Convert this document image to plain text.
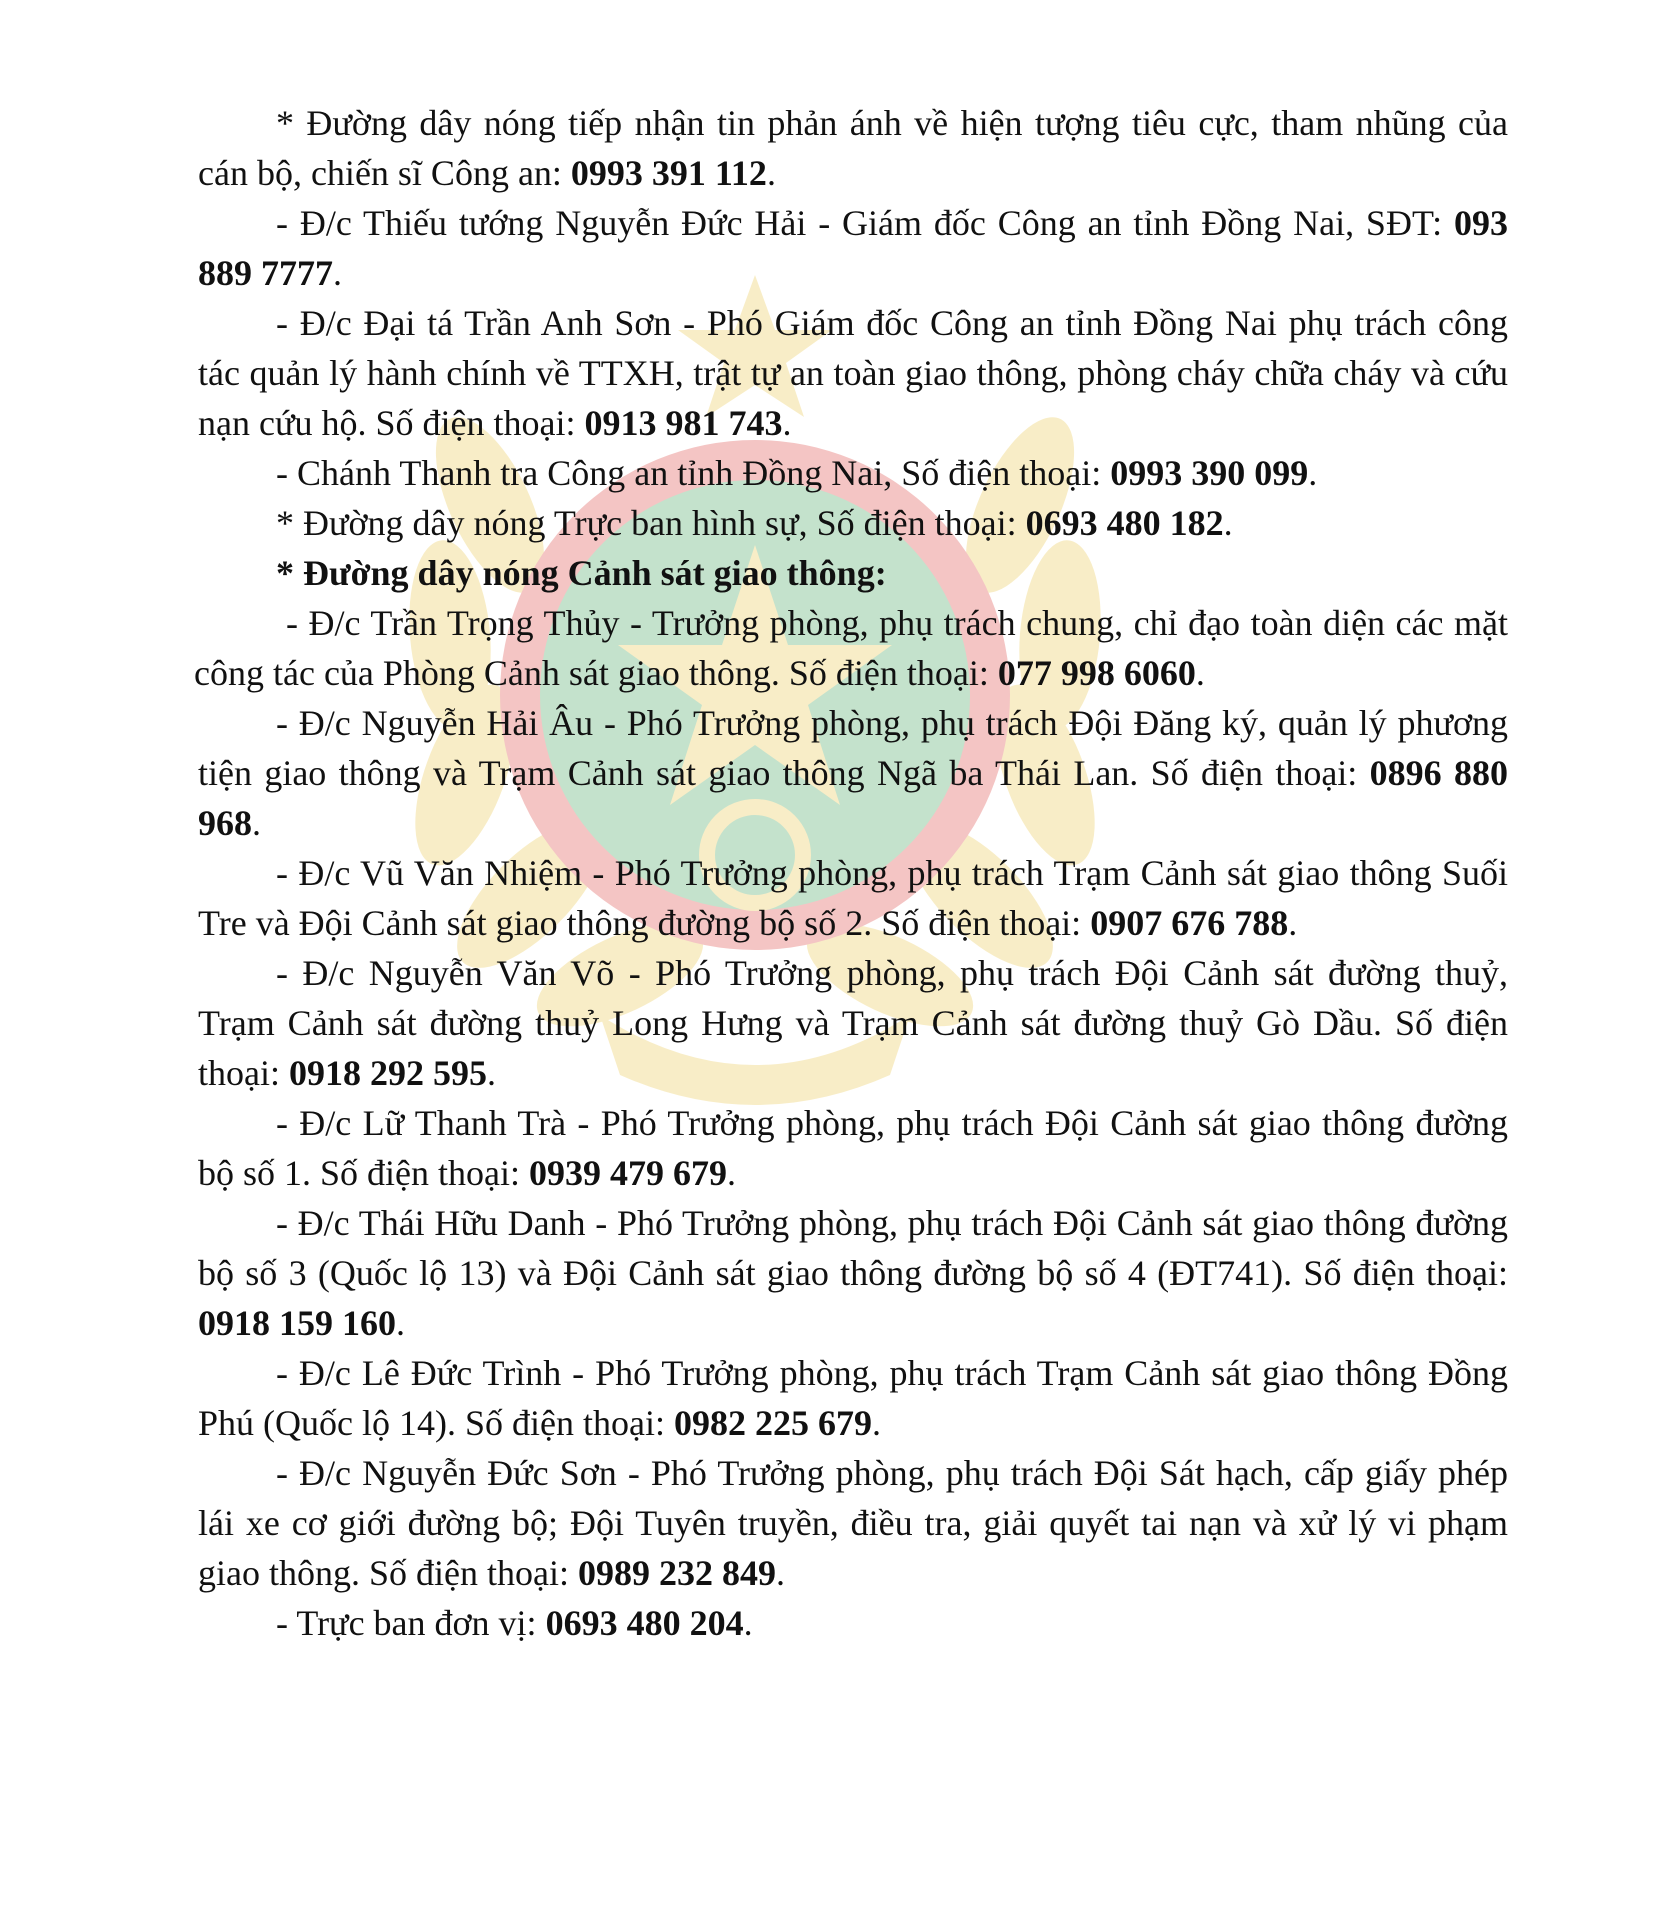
* Đường dây nóng tiếp nhận tin phản ánh về hiện tượng tiêu cực, tham nhũng của cán bộ, chiến sĩ Công an: 0993 391 112.

- Đ/c Thiếu tướng Nguyễn Đức Hải - Giám đốc Công an tỉnh Đồng Nai, SĐT: 093 889 7777.

- Đ/c Đại tá Trần Anh Sơn - Phó Giám đốc Công an tỉnh Đồng Nai phụ trách công tác quản lý hành chính về TTXH, trật tự an toàn giao thông, phòng cháy chữa cháy và cứu nạn cứu hộ. Số điện thoại: 0913 981 743.

- Chánh Thanh tra Công an tỉnh Đồng Nai, Số điện thoại: 0993 390 099.

* Đường dây nóng Trực ban hình sự, Số điện thoại: 0693 480 182.

* Đường dây nóng Cảnh sát giao thông:

- Đ/c Trần Trọng Thủy - Trưởng phòng, phụ trách chung, chỉ đạo toàn diện các mặt công tác của Phòng Cảnh sát giao thông. Số điện thoại: 077 998 6060.

- Đ/c Nguyễn Hải Âu - Phó Trưởng phòng, phụ trách Đội Đăng ký, quản lý phương tiện giao thông và Trạm Cảnh sát giao thông Ngã ba Thái Lan. Số điện thoại: 0896 880 968.

- Đ/c Vũ Văn Nhiệm - Phó Trưởng phòng, phụ trách Trạm Cảnh sát giao thông Suối Tre và Đội Cảnh sát giao thông đường bộ số 2. Số điện thoại: 0907 676 788.

- Đ/c Nguyễn Văn Võ - Phó Trưởng phòng, phụ trách Đội Cảnh sát đường thuỷ, Trạm Cảnh sát đường thuỷ Long Hưng và Trạm Cảnh sát đường thuỷ Gò Dầu. Số điện thoại: 0918 292 595.

- Đ/c Lữ Thanh Trà - Phó Trưởng phòng, phụ trách Đội Cảnh sát giao thông đường bộ số 1. Số điện thoại: 0939 479 679.

- Đ/c Thái Hữu Danh - Phó Trưởng phòng, phụ trách Đội Cảnh sát giao thông đường bộ số 3 (Quốc lộ 13) và Đội Cảnh sát giao thông đường bộ số 4 (ĐT741). Số điện thoại: 0918 159 160.

- Đ/c Lê Đức Trình - Phó Trưởng phòng, phụ trách Trạm Cảnh sát giao thông Đồng Phú (Quốc lộ 14). Số điện thoại: 0982 225 679.

- Đ/c Nguyễn Đức Sơn - Phó Trưởng phòng, phụ trách Đội Sát hạch, cấp giấy phép lái xe cơ giới đường bộ; Đội Tuyên truyền, điều tra, giải quyết tai nạn và xử lý vi phạm giao thông. Số điện thoại: 0989 232 849.

- Trực ban đơn vị: 0693 480 204.
